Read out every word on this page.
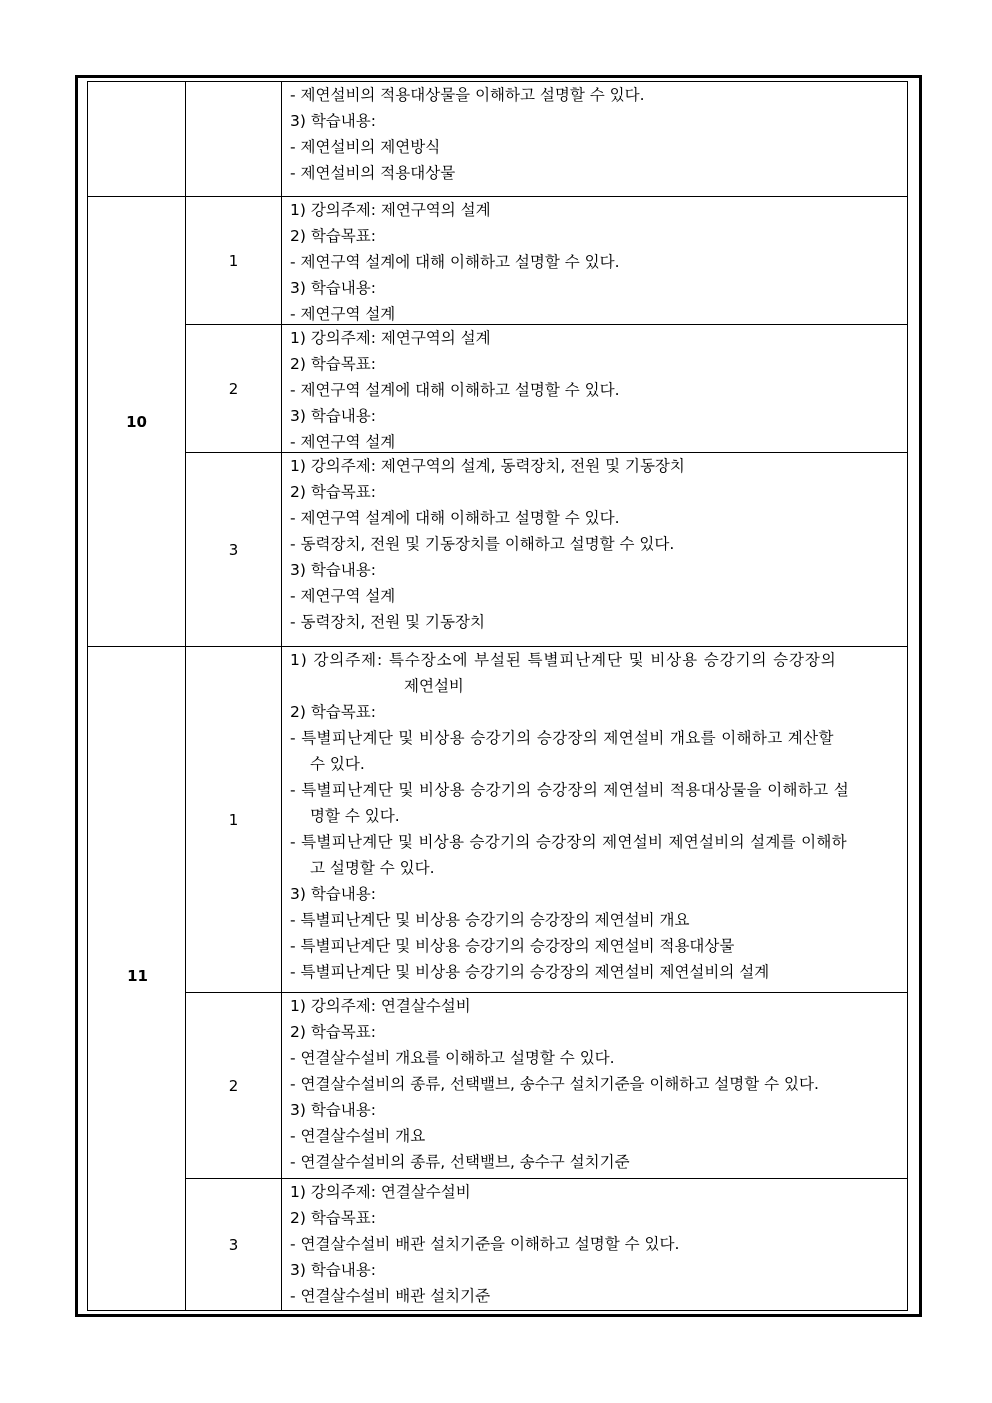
- 제연설비의 적용대상물을 이해하고 설명할 수 있다.
3) 학습내용:
- 제연설비의 제연방식
- 제연설비의 적용대상물
10
1
1) 강의주제: 제연구역의 설계
2) 학습목표:
- 제연구역 설계에 대해 이해하고 설명할 수 있다.
3) 학습내용:
- 제연구역 설계
2
1) 강의주제: 제연구역의 설계
2) 학습목표:
- 제연구역 설계에 대해 이해하고 설명할 수 있다.
3) 학습내용:
- 제연구역 설계
3
1) 강의주제: 제연구역의 설계, 동력장치, 전원 및 기동장치
2) 학습목표:
- 제연구역 설계에 대해 이해하고 설명할 수 있다.
- 동력장치, 전원 및 기동장치를 이해하고 설명할 수 있다.
3) 학습내용:
- 제연구역 설계
- 동력장치, 전원 및 기동장치
11
1
1) 강의주제: 특수장소에 부설된 특별피난계단 및 비상용 승강기의 승강장의
제연설비
2) 학습목표:
- 특별피난계단 및 비상용 승강기의 승강장의 제연설비 개요를 이해하고 계산할
수 있다.
- 특별피난계단 및 비상용 승강기의 승강장의 제연설비 적용대상물을 이해하고 설
명할 수 있다.
- 특별피난계단 및 비상용 승강기의 승강장의 제연설비 제연설비의 설계를 이해하
고 설명할 수 있다.
3) 학습내용:
- 특별피난계단 및 비상용 승강기의 승강장의 제연설비 개요
- 특별피난계단 및 비상용 승강기의 승강장의 제연설비 적용대상물
- 특별피난계단 및 비상용 승강기의 승강장의 제연설비 제연설비의 설계
2
1) 강의주제: 연결살수설비
2) 학습목표:
- 연결살수설비 개요를 이해하고 설명할 수 있다.
- 연결살수설비의 종류, 선택밸브, 송수구 설치기준을 이해하고 설명할 수 있다.
3) 학습내용:
- 연결살수설비 개요
- 연결살수설비의 종류, 선택밸브, 송수구 설치기준
3
1) 강의주제: 연결살수설비
2) 학습목표:
- 연결살수설비 배관 설치기준을 이해하고 설명할 수 있다.
3) 학습내용:
- 연결살수설비 배관 설치기준
